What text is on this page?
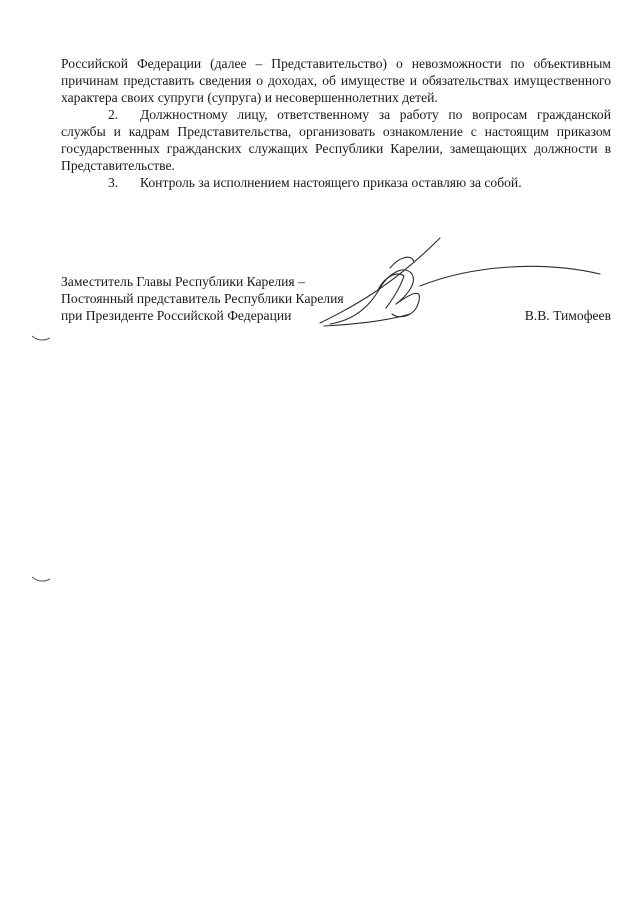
Российской Федерации (далее – Представительство) о невозможности по объективным причинам представить сведения о доходах, об имуществе и обязательствах имущественного характера своих супруги (супруга) и несовершеннолетних детей.

2. Должностному лицу, ответственному за работу по вопросам гражданской службы и кадрам Представительства, организовать ознакомление с настоящим приказом государственных гражданских служащих Республики Карелии, замещающих должности в Представительстве.

3. Контроль за исполнением настоящего приказа оставляю за собой.

Заместитель Главы Республики Карелия –
Постоянный представитель Республики Карелия
при Президенте Российской Федерации	В.В. Тимофеев
